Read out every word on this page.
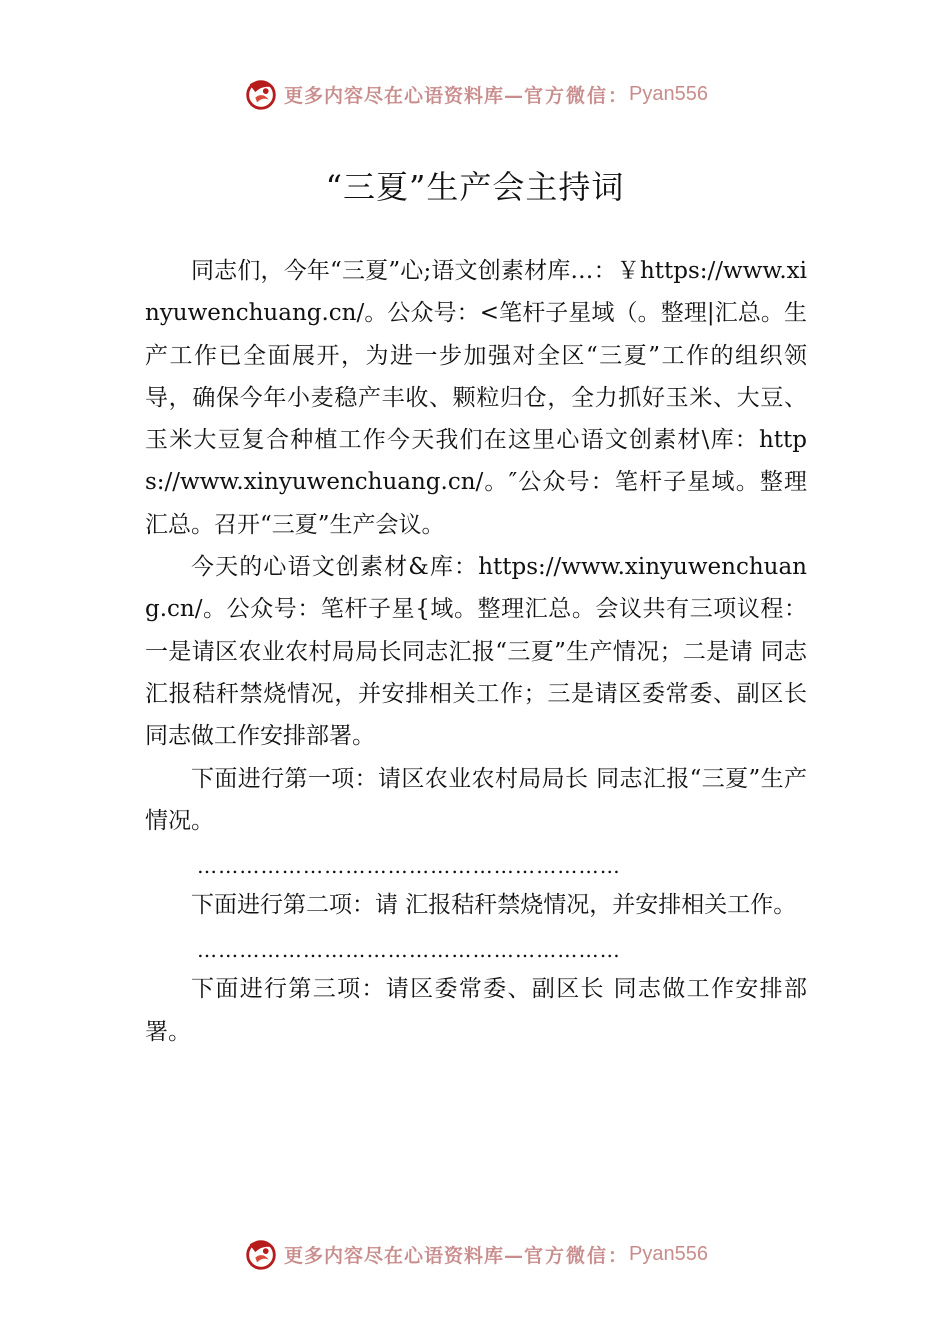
更多内容尽在心语资料库— 官方微信： Pyan556
“三夏”生产会主持词

同志们，今年“三夏”心;语文创素材库…：￥https://www.xinyuwenchuang.cn/。公众号：<笔杆子星域（。整理|汇总。生产工作已全面展开，为进一步加强对全区“三夏”工作的组织领导，确保今年小麦稳产丰收、颗粒归仓，全力抓好玉米、大豆、玉米大豆复合种植工作今天我们在这里心语文创素材\库：https://www.xinyuwenchuang.cn/。″公众号：笔杆子星域。整理汇总。召开“三夏”生产会议。

今天的心语文创素材&库：https://www.xinyuwenchuang.cn/。公众号：笔杆子星{域。整理汇总。会议共有三项议程：一是请区农业农村局局长同志汇报“三夏”生产情况；二是请 同志汇报秸秆禁烧情况，并安排相关工作；三是请区委常委、副区长 同志做工作安排部署。

下面进行第一项：请区农业农村局局长 同志汇报“三夏”生产情况。

……………………………………………………

下面进行第二项：请 汇报秸秆禁烧情况，并安排相关工作。

……………………………………………………

下面进行第三项：请区委常委、副区长 同志做工作安排部署。

更多内容尽在心语资料库— 官方微信： Pyan556
